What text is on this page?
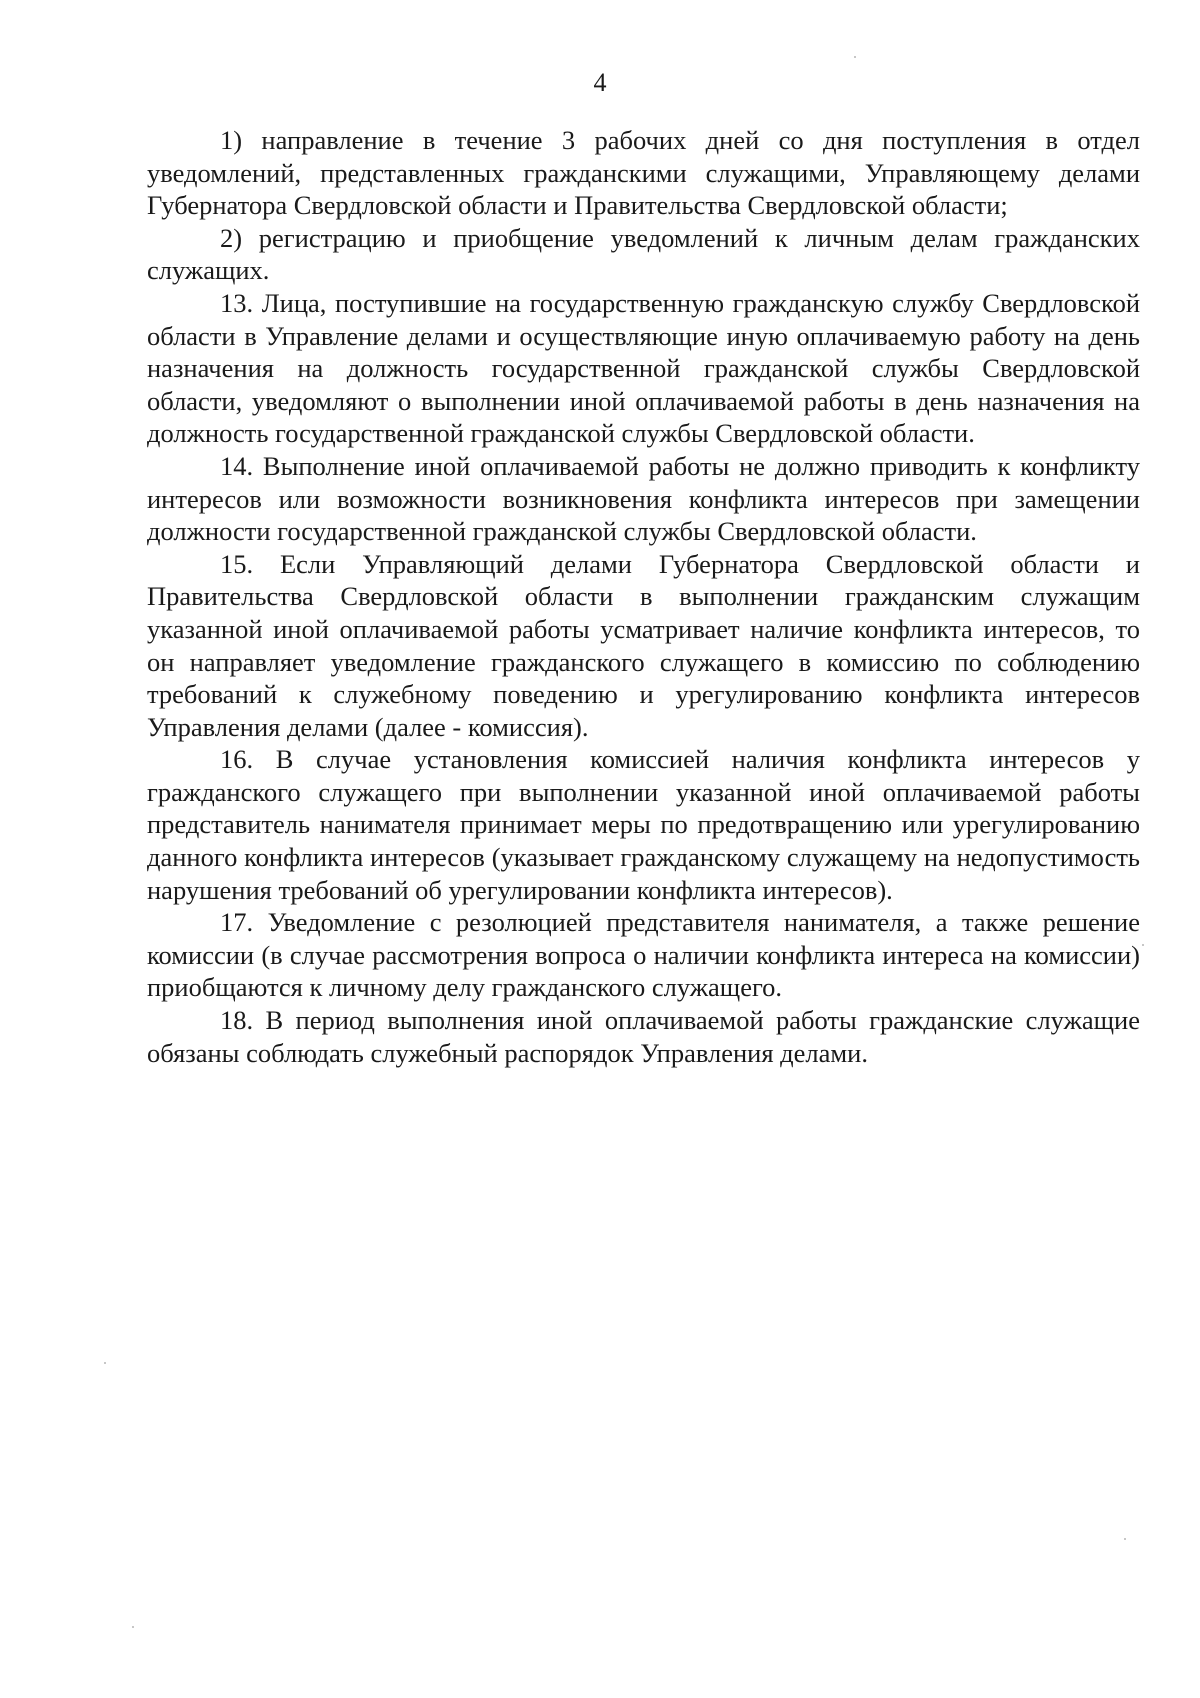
4

1) направление в течение 3 рабочих дней со дня поступления в отдел уведомлений, представленных гражданскими служащими, Управляющему делами Губернатора Свердловской области и Правительства Свердловской области;

2) регистрацию и приобщение уведомлений к личным делам гражданских служащих.

13. Лица, поступившие на государственную гражданскую службу Свердловской области в Управление делами и осуществляющие иную оплачиваемую работу на день назначения на должность государственной гражданской службы Свердловской области, уведомляют о выполнении иной оплачиваемой работы в день назначения на должность государственной гражданской службы Свердловской области.

14. Выполнение иной оплачиваемой работы не должно приводить к конфликту интересов или возможности возникновения конфликта интересов при замещении должности государственной гражданской службы Свердловской области.

15. Если Управляющий делами Губернатора Свердловской области и Правительства Свердловской области в выполнении гражданским служащим указанной иной оплачиваемой работы усматривает наличие конфликта интересов, то он направляет уведомление гражданского служащего в комиссию по соблюдению требований к служебному поведению и урегулированию конфликта интересов Управления делами (далее - комиссия).

16. В случае установления комиссией наличия конфликта интересов у гражданского служащего при выполнении указанной иной оплачиваемой работы представитель нанимателя принимает меры по предотвращению или урегулированию данного конфликта интересов (указывает гражданскому служащему на недопустимость нарушения требований об урегулировании конфликта интересов).

17. Уведомление с резолюцией представителя нанимателя, а также решение комиссии (в случае рассмотрения вопроса о наличии конфликта интереса на комиссии) приобщаются к личному делу гражданского служащего.

18. В период выполнения иной оплачиваемой работы гражданские служащие обязаны соблюдать служебный распорядок Управления делами.
